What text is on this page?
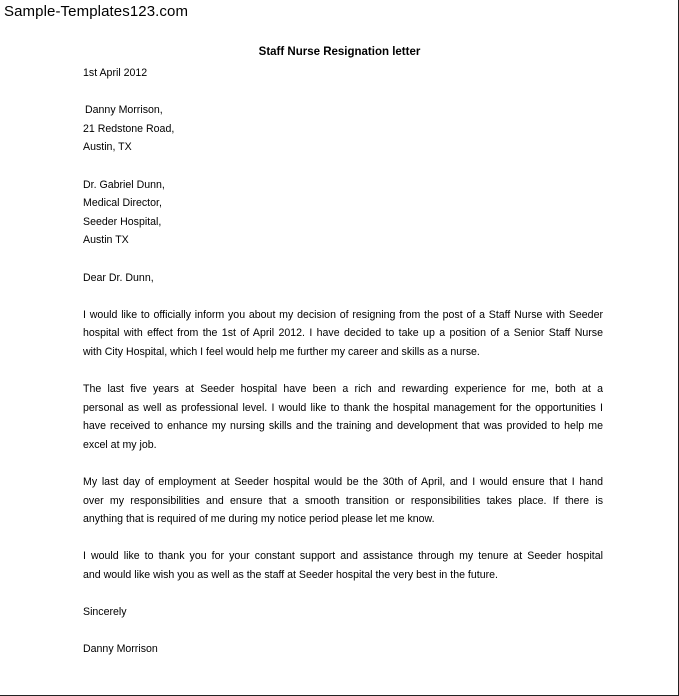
Sample-Templates123.com
Staff Nurse Resignation letter
1st April 2012
Danny Morrison,
21 Redstone Road,
Austin, TX
Dr. Gabriel Dunn,
Medical Director,
Seeder Hospital,
Austin TX
Dear Dr. Dunn,
I would like to officially inform you about my decision of resigning from the post of a Staff Nurse with Seeder
hospital with effect from the 1st of April 2012. I have decided to take up a position of a Senior Staff Nurse
with City Hospital, which I feel would help me further my career and skills as a nurse.
The last five years at Seeder hospital have been a rich and rewarding experience for me, both at a
personal as well as professional level. I would like to thank the hospital management for the opportunities I
have received to enhance my nursing skills and the training and development that was provided to help me
excel at my job.
My last day of employment at Seeder hospital would be the 30th of April, and I would ensure that I hand
over my responsibilities and ensure that a smooth transition or responsibilities takes place. If there is
anything that is required of me during my notice period please let me know.
I would like to thank you for your constant support and assistance through my tenure at Seeder hospital
and would like wish you as well as the staff at Seeder hospital the very best in the future.
Sincerely
Danny Morrison
